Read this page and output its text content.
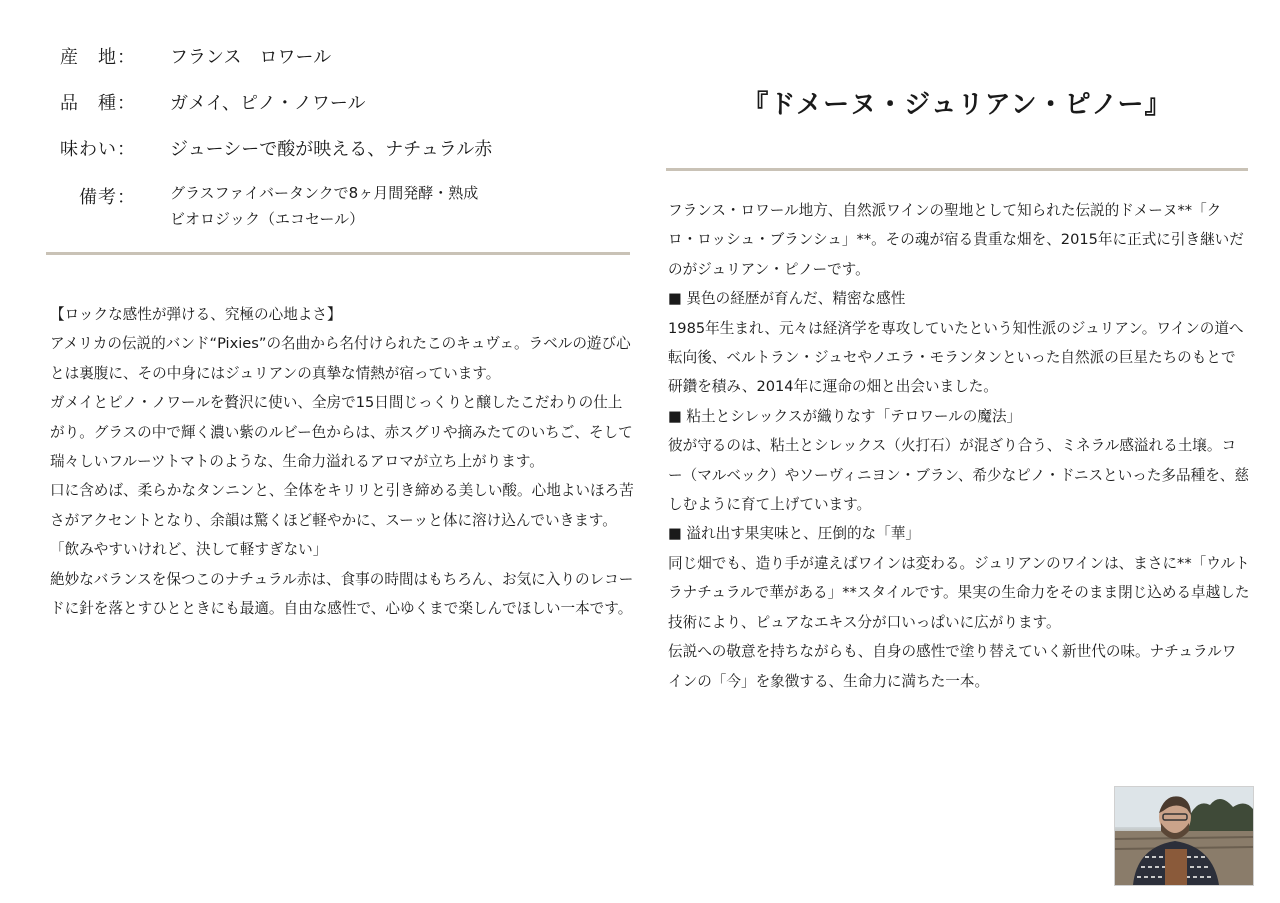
産　地：	フランス　ロワール
品　種：	ガメイ、ピノ・ノワール
味わい：	ジューシーで酸が映える、ナチュラル赤
　備考：	グラスファイバータンクで8ヶ月間発酵・熟成
ビオロジック（エコセール）

【ロックな感性が弾ける、究極の心地よさ】

アメリカの伝説的バンド“Pixies”の名曲から名付けられたこのキュヴェ。ラベルの遊び心とは裏腹に、その中身にはジュリアンの真摯な情熱が宿っています。

ガメイとピノ・ノワールを贅沢に使い、全房で15日間じっくりと醸したこだわりの仕上がり。グラスの中で輝く濃い紫のルビー色からは、赤スグリや摘みたてのいちご、そして瑞々しいフルーツトマトのような、生命力溢れるアロマが立ち上がります。

口に含めば、柔らかなタンニンと、全体をキリリと引き締める美しい酸。心地よいほろ苦さがアクセントとなり、余韻は驚くほど軽やかに、スーッと体に溶け込んでいきます。

「飲みやすいけれど、決して軽すぎない」

絶妙なバランスを保つこのナチュラル赤は、食事の時間はもちろん、お気に入りのレコードに針を落とすひとときにも最適。自由な感性で、心ゆくまで楽しんでほしい一本です。

『ドメーヌ・ジュリアン・ピノー』

フランス・ロワール地方、自然派ワインの聖地として知られた伝説的ドメーヌ**「クロ・ロッシュ・ブランシュ」**。その魂が宿る貴重な畑を、2015年に正式に引き継いだのがジュリアン・ピノーです。

■ 異色の経歴が育んだ、精密な感性

1985年生まれ、元々は経済学を専攻していたという知性派のジュリアン。ワインの道へ転向後、ベルトラン・ジュセやノエラ・モランタンといった自然派の巨星たちのもとで研鑽を積み、2014年に運命の畑と出会いました。

■ 粘土とシレックスが織りなす「テロワールの魔法」

彼が守るのは、粘土とシレックス（火打石）が混ざり合う、ミネラル感溢れる土壌。コー（マルベック）やソーヴィニヨン・ブラン、希少なピノ・ドニスといった多品種を、慈しむように育て上げています。

■ 溢れ出す果実味と、圧倒的な「華」

同じ畑でも、造り手が違えばワインは変わる。ジュリアンのワインは、まさに**「ウルトラナチュラルで華がある」**スタイルです。果実の生命力をそのまま閉じ込める卓越した技術により、ピュアなエキス分が口いっぱいに広がります。

伝説への敬意を持ちながらも、自身の感性で塗り替えていく新世代の味。ナチュラルワインの「今」を象徴する、生命力に満ちた一本。
